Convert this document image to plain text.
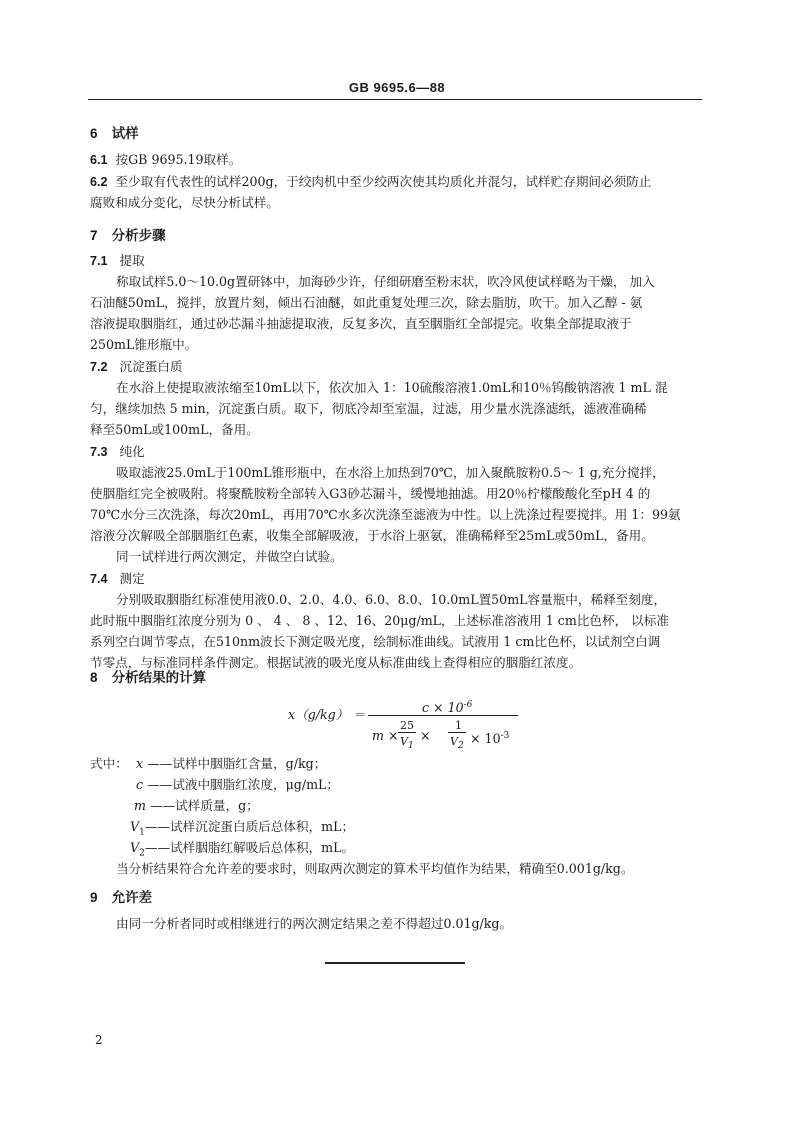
GB 9695.6—88
6 试样
6.1 按GB 9695.19取样。
6.2 至少取有代表性的试样200g，于绞肉机中至少绞两次使其均质化并混匀，试样贮存期间必须防止
腐败和成分变化，尽快分析试样。
7 分析步骤
7.1 提取
称取试样5.0～10.0g置研钵中，加海砂少许，仔细研磨至粉末状，吹冷风使试样略为干燥， 加入
石油醚50mL，搅拌，放置片刻，倾出石油醚，如此重复处理三次，除去脂肪，吹干。加入乙醇 - 氨
溶液提取胭脂红，通过砂芯漏斗抽滤提取液，反复多次，直至胭脂红全部提完。收集全部提取液于
250mL锥形瓶中。
7.2 沉淀蛋白质
在水浴上使提取液浓缩至10mL以下，依次加入 1：10硫酸溶液1.0mL和10％钨酸钠溶液 1 mL 混
匀，继续加热 5 min，沉淀蛋白质。取下，彻底冷却至室温，过滤，用少量水洗涤滤纸，滤液准确稀
释至50mL或100mL，备用。
7.3 纯化
吸取滤液25.0mL于100mL锥形瓶中，在水浴上加热到70℃，加入聚酰胺粉0.5～ 1 g,充分搅拌，
使胭脂红完全被吸附。将聚酰胺粉全部转入G3砂芯漏斗，缓慢地抽滤。用20％柠檬酸酸化至pH 4 的
70℃水分三次洗涤，每次20mL，再用70℃水多次洗涤至滤液为中性。以上洗涤过程要搅拌。用 1：99氨
溶液分次解吸全部胭脂红色素，收集全部解吸液，于水浴上驱氨，准确稀释至25mL或50mL，备用。
同一试样进行两次测定，并做空白试验。
7.4 测定
分别吸取胭脂红标准使用液0.0、2.0、4.0、6.0、8.0、10.0mL置50mL容量瓶中，稀释至刻度，
此时瓶中胭脂红浓度分别为 0 、 4 、 8 、12、16、20μg/mL，上述标准溶液用 1 cm比色杯， 以标准
系列空白调节零点，在510nm波长下测定吸光度，绘制标准曲线。试液用 1 cm比色杯，以试剂空白调
节零点，与标准同样条件测定。根据试液的吸光度从标准曲线上查得相应的胭脂红浓度。
8 分析结果的计算
x（g/kg） ＝	$c \times 10^{-6}$
m ×
25
$V_1$
×
1
$V_2 \times 10^{-3}$
式中： x ——试样中胭脂红含量，g/kg；
c ——试液中胭脂红浓度，μg/mL；
m ——试样质量，g；
$V_1——$试样沉淀蛋白质后总体积，mL；
$V_2——$试样胭脂红解吸后总体积，mL。
当分析结果符合允许差的要求时，则取两次测定的算术平均值作为结果，精确至0.001g/kg。
9 允许差
由同一分析者同时或相继进行的两次测定结果之差不得超过0.01g/kg。
2
